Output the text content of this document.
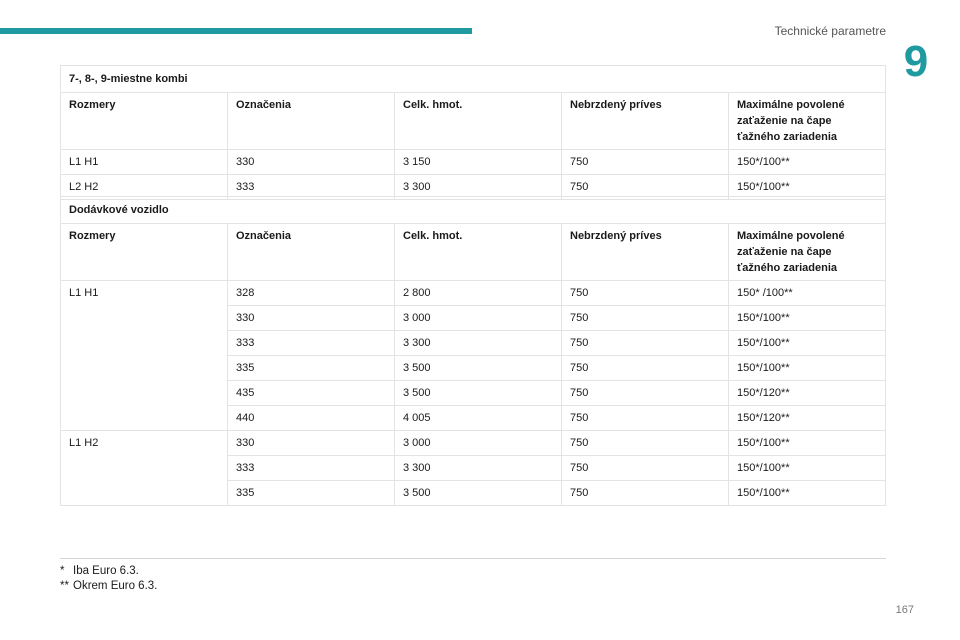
Technické parametre
9
7-, 8-, 9-miestne kombi				
Rozmery	Označenia	Celk. hmot.	Nebrzdený príves	Maximálne povolené zaťaženie na čape ťažného zariadenia
L1 H1	330	3 150	750	150*/100**
L2 H2	333	3 300	750	150*/100**
Dodávkové vozidlo				
Rozmery	Označenia	Celk. hmot.	Nebrzdený príves	Maximálne povolené zaťaženie na čape ťažného zariadenia
L1 H1	328	2 800	750	150* /100**
	330	3 000	750	150*/100**
	333	3 300	750	150*/100**
	335	3 500	750	150*/100**
	435	3 500	750	150*/120**
	440	4 005	750	150*/120**
L1 H2	330	3 000	750	150*/100**
	333	3 300	750	150*/100**
	335	3 500	750	150*/100**
* Iba Euro 6.3.
** Okrem Euro 6.3.
167
